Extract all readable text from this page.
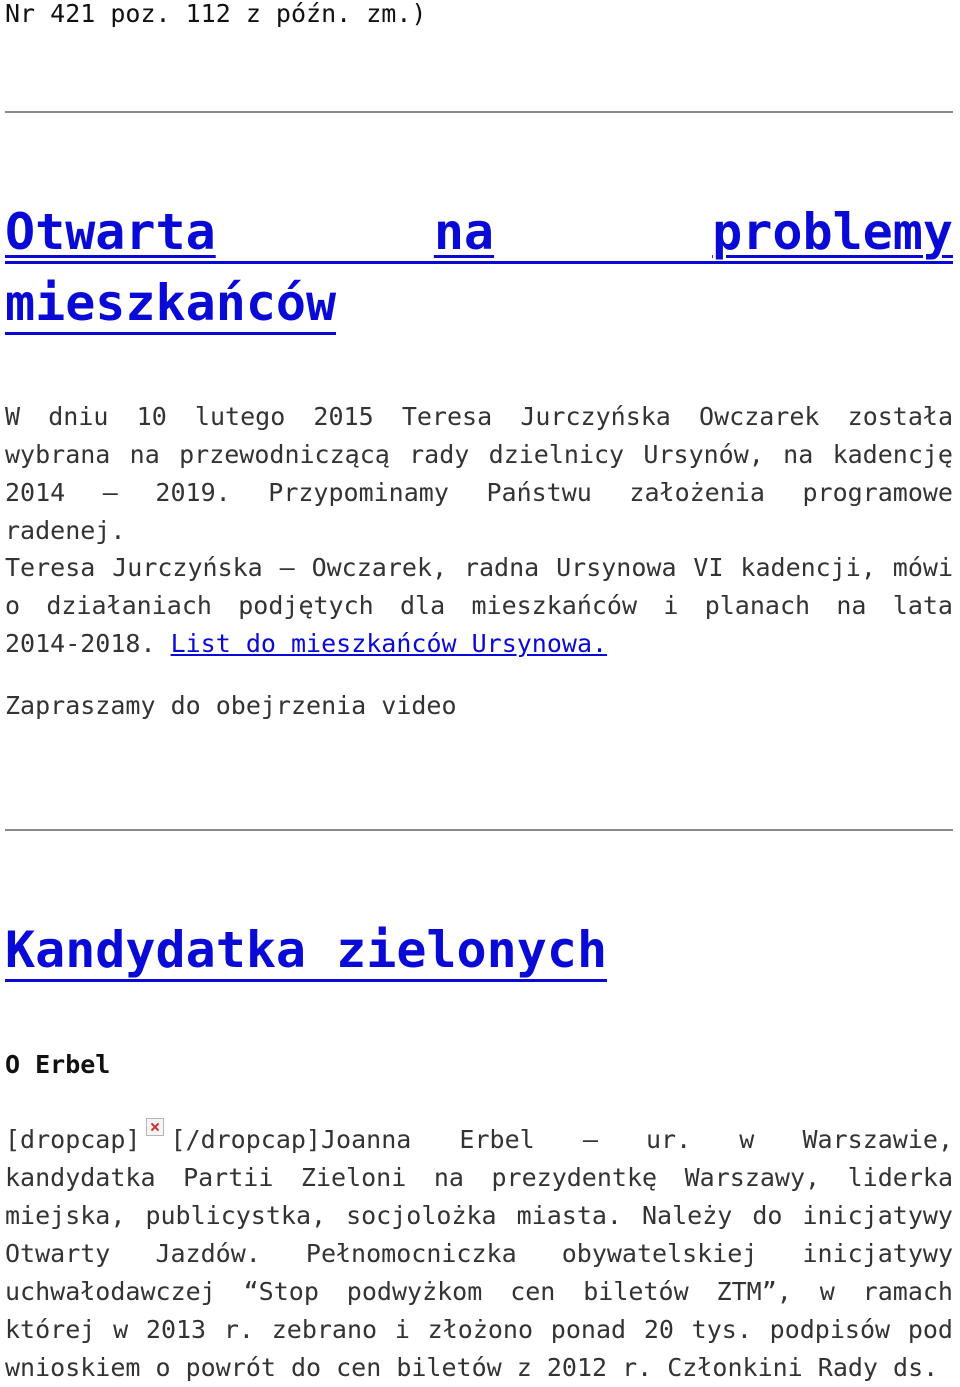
Nr 421 poz. 112 z późn. zm.)
Otwarta	na	problemy
mieszkańców

W dniu 10 lutego 2015 Teresa Jurczyńska Owczarek została wybrana na przewodniczącą rady dzielnicy Ursynów, na kadencję 2014 – 2019. Przypominamy Państwu założenia programowe radenej.

Teresa Jurczyńska – Owczarek, radna Ursynowa VI kadencji, mówi o działaniach podjętych dla mieszkańców i planach na lata 2014-2018. List do mieszkańców Ursynowa.

Zapraszamy do obejrzenia video

Kandydatka zielonych
O Erbel

[dropcap] [/dropcap]Joanna Erbel – ur. w Warszawie, kandydatka Partii Zieloni na prezydentkę Warszawy, liderka miejska, publicystka, socjolożka miasta. Należy do inicjatywy Otwarty Jazdów. Pełnomocniczka obywatelskiej inicjatywy uchwałodawczej “Stop podwyżkom cen biletów ZTM”, w ramach której w 2013 r. zebrano i złożono ponad 20 tys. podpisów pod wnioskiem o powrót do cen biletów z 2012 r. Członkini Rady ds.
